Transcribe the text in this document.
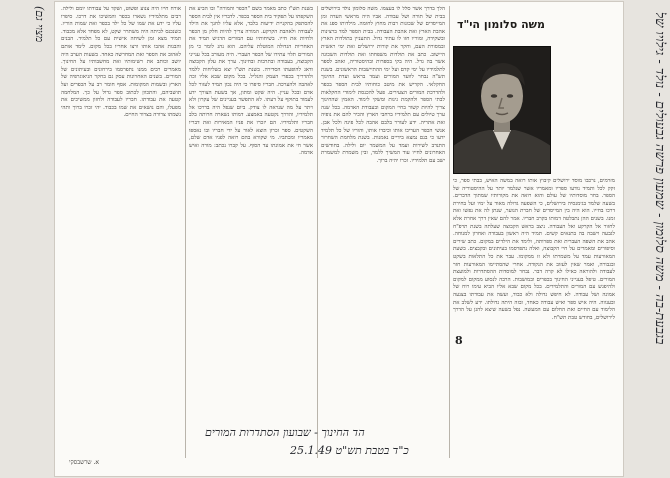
אורח חייו היה צנוע ופשוט, ושקד על עבודתו יומם ולילה. רבים מתלמידיו נשארו בכפר והמשיכו את דרכו. סיפרו עליו כי ידע את שמו של כל ילד בכפר ואת שמות הוריו. כשנכנס לכיתה היה משתרר שקט, לא מפחד אלא מכבוד. תמיד מצא זמן לשיחה אישית עם כל תלמיד. הבנים והבנות אהבו אותו ורצו אחריו בכל מקום. לימד אותם לאהוב את הספר ואת המחרשה כאחד. בשעות הערב היה יושב וכותב את רשימותיו ואת מחשבותיו על החינוך. מאמרים רבים ממנו נתפרסמו בירחונים ובעיתונים של המורים. בשנים האחרונות עסק גם בחקר הגיאוגרפיה של הארץ ובשמות המקומות. אסף חומר רב על הכפרים ועל תושביהם, והתכוון לכתוב ספר גדול על כך. המלחמה קטעה את עבודתו. חבריו לעבודה ולחזון ממשיכים את מפעלו, והם נושאים את שמו בכבוד. יהי זכרו ברוך ותהי נשמתו צרורה בצרור החיים.
א. שרשבסקי
בשנת תש"ז כתב מאמר בשם "הכפר והמורה" ובו הביע את השקפתו על תפקיד בית הספר בכפר. לדבריו אין לבית הספר להסתפק בהקניית ידיעות בלבד, אלא עליו לחנך את הילד לעבודה ולאהבת הקרקע. המורה צריך להיות חלק מן הכפר ולחיות את חייו. בשיחותיו עם המורים הדגיש תמיד את האחריות הגדולה המוטלת עליהם. הוא נהג לומר כי מן המורים תלוי עתידו של הכפר העברי. היה מעורב בכל ענייני הקבוצה, בעבודה ובתרבות ובחינוך. ערך את עלון הקבוצה ודאג להופעתו הסדירה. בשנת תש"ו יצא בשליחות ללמד ולהדריך בכפרי העמק והגליל. בכל מקום שבא אליו זכה לאהבה ולהערכה. חבריו סיפרו כי היה נכון תמיד לעזור לכל אדם ובכל עניין. היה שקט ומתון, אך בשעת הצורך ידע לעמוד בתוקף על דעתו. לא התפשר בעניינים של עקרון ולא ויתר על מה שנראה לו צודק. ביום שנפל היה בדרכו אל תלמידיו, והדרך נקטעה באמצע. דמותו נשארה חרותה בלב חבריו ותלמידיו. הם יזכרו את פניו המאירות ואת דבריו השקטים. ספר זכרון הוצא לאור על ידי חבריו ובו נאספו מאמריו ומכתביו. מי שקורא בהם רואה לפניו אדם שלם, אשר חי את אמונתו עד הסוף. על קברו נכתב: מורה ואיש אדמה.
הלך בדרך אשר סלל לו בעצמו. משה סלומון נולד בירושלים בבית של תורה ושל עבודה. אביו היה מראשי העדה ומן המייסדים של שכונות רבות מחוץ לחומה. מילדותו ספג את אהבת הארץ ואת אהבת העבודה. בבית הספר למד ברצינות ובשקידה, ומוריו חזו לו עתיד גדול. התעניין בתולדות הארץ ובמסורת העם, וחקר את קורות ירושלים ואת ימי ראשית היישוב. כתב את תולדות משפחתו ואת תולדות השכונה אשר בה גדל. היה בקי בספרות ובהיסטוריה, ואהב לספר לתלמידיו על ימי קדם ועל ימי ההתיישבות הראשונים. בשנת תש"ה נבחר לוועד המורים ועמד בראש ועדת החינוך החקלאי. הקדיש את מיטב כוחותיו לבית הספר בכפר ולהדרכת המורים הצעירים. פעל להכנסת לימודי החקלאות לבתי הספר ולהקמת גינות ומשקי לימוד. האמין שהחינוך צריך להיות קשור בחיי המקום ובעבודת האדמה. בכל שנה ערך טיולים עם תלמידיו ברחבי הארץ והכיר להם את נופיה ואת אתריה. ידע לעורר בלבם אהבה לכל פינה ולכל אבן. אנשי הכפר העריכו אותו וכיבדו אותו, והוריו של כל תלמיד ידעו כי בנם נמצא בידיים נאמנות. בשנת מלחמת השחרור התנדב לשירות ועמד על המשמר יום ולילה. בחודשים האחרונים לחייו עוד המשיך ללמד, ובין משמרת למשמרת ישב עם תלמידיו. זכרו יהיה ברוך.
משה סלומון הי"ד
מזרמים, נרכבו מוסד ירושלים קיבוץ אותו רואה במשה האיש, בבתי ספר, כי זקק לכל ותמיד נודעו ספריו ומאמריו אשר שנלמד יותר על ההיסטוריה של הספר. בחר מוסדותיו של עולם והוא רואה את מקורותיו שמתוך הדברים. בשעה שלמד בגימנסיה בירושלים, כי השפעה גדולה מאוד על ימיו ועל בחירת דרכו בחייו. הוא היה בין המייסדים של חברת הנוער, שנתן לה את נפשו ואת זמנו. בשנים ההן נתבלטה דמותו בקרב חבריו. אמר להם שאין דרך אחרת אלא לחזור אל הקרקע ואל העבודה. ניצב בראש הקבוצה שעלתה בשנת תרפ"ח לגבעה וישבה בה בתנאים קשים. תמיד היה ראשון בעבודה ואחרון למנוחה. אהב את השפה העברית ואת ספרותה, ולימד את הילדים במקום. כתב שירים וסיפורים ומאמרים על חיי הקבוצה, ואלה נתפרסמו בעיתונים ובקבצים. בשעת המאורעות עמד על משמרתו ולא זז ממקומו. עבר את כל התלאות בשקט ובגבורה, ואמר שאין לעזוב את הנקודה. אחרי שהסתיימו המאורעות חזר לעבודה ולהוראה כאילו לא קרה דבר. נבחר למוסדות ההסתדרות ולמועצת המורים. טיפל בענייני החינוך בכפרים ובמושבות. הרבה לנסוע ממקום למקום ולהיפגש עם המורים והתלמידים. בכל מקום שבא אליו הביא עימו רוח של אמונה ושל עבודה. לא חיפש גדולה ולא כבוד, ועשה את עבודתו בצנעה ובענווה. היה איש ספר ואיש עבודה כאחד, ובזה היתה גדולתו. ידע לשלב את הלימוד עם החיים ואת החלום עם המעשה. נפל בשעה שיצא להגן על הדרך לירושלים, בחודש טבת תש"ח.
8
הד החינוך - שבועון הסתדרות המורים
כ"ד בטבת תש"ט 25.1.49
(מצוי גם	בגבעת-בה - משה סלומון - שמעון פרשה גבעולים - נולד - גילויו של
